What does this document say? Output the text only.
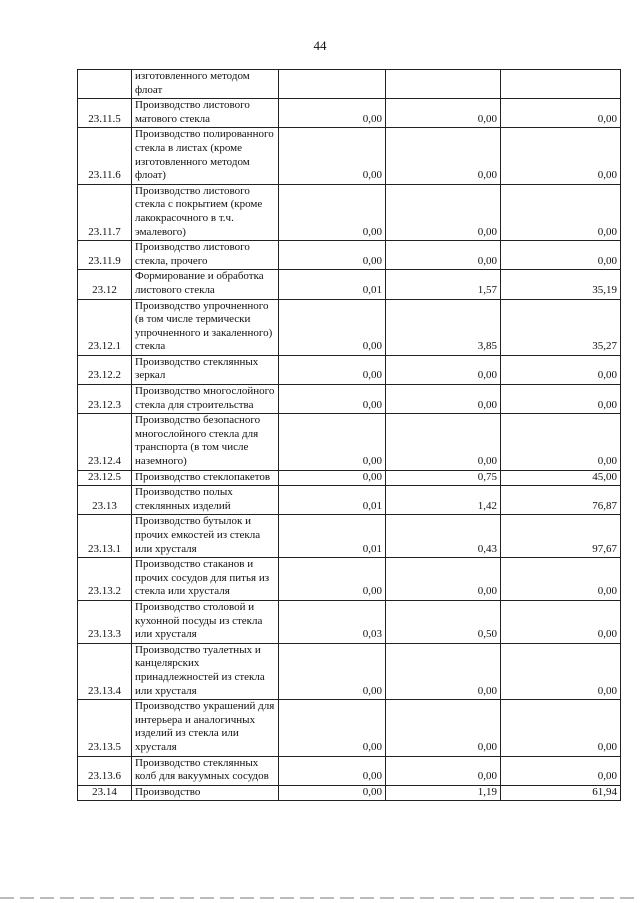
44
	изготовленного методом флоат			
23.11.5	Производство листового матового стекла	0,00	0,00	0,00
23.11.6	Производство полированного стекла в листах (кроме изготовленного методом флоат)	0,00	0,00	0,00
23.11.7	Производство листового стекла с покрытием (кроме лакокрасочного в т.ч. эмалевого)	0,00	0,00	0,00
23.11.9	Производство листового стекла, прочего	0,00	0,00	0,00
23.12	Формирование и обработка листового стекла	0,01	1,57	35,19
23.12.1	Производство упрочненного (в том числе термически упрочненного и закаленного) стекла	0,00	3,85	35,27
23.12.2	Производство стеклянных зеркал	0,00	0,00	0,00
23.12.3	Производство многослойного стекла для строительства	0,00	0,00	0,00
23.12.4	Производство безопасного многослойного стекла для транспорта (в том числе наземного)	0,00	0,00	0,00
23.12.5	Производство стеклопакетов	0,00	0,75	45,00
23.13	Производство полых стеклянных изделий	0,01	1,42	76,87
23.13.1	Производство бутылок и прочих емкостей из стекла или хрусталя	0,01	0,43	97,67
23.13.2	Производство стаканов и прочих сосудов для питья из стекла или хрусталя	0,00	0,00	0,00
23.13.3	Производство столовой и кухонной посуды из стекла или хрусталя	0,03	0,50	0,00
23.13.4	Производство туалетных и канцелярских принадлежностей из стекла или хрусталя	0,00	0,00	0,00
23.13.5	Производство украшений для интерьера и аналогичных изделий из стекла или хрусталя	0,00	0,00	0,00
23.13.6	Производство стеклянных колб для вакуумных сосудов	0,00	0,00	0,00
23.14	Производство	0,00	1,19	61,94
